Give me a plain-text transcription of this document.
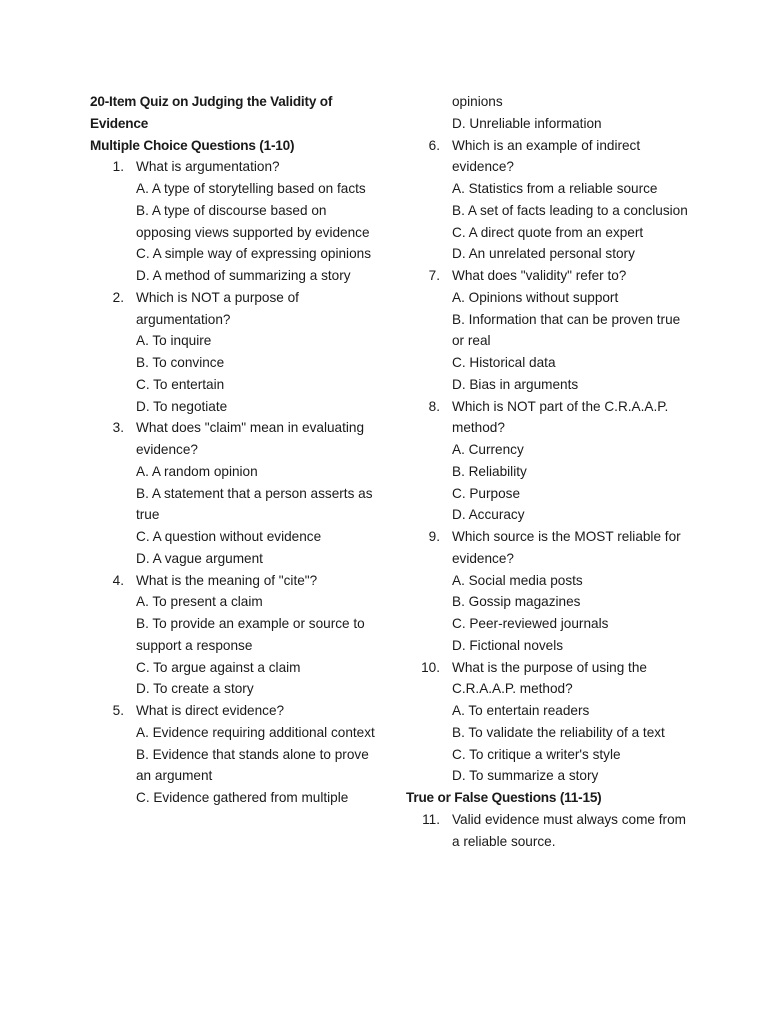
20-Item Quiz on Judging the Validity of
Evidence
Multiple Choice Questions (1-10)
1. What is argumentation?
A. A type of storytelling based on facts
B. A type of discourse based on opposing views supported by evidence
C. A simple way of expressing opinions
D. A method of summarizing a story
2. Which is NOT a purpose of argumentation?
A. To inquire
B. To convince
C. To entertain
D. To negotiate
3. What does "claim" mean in evaluating evidence?
A. A random opinion
B. A statement that a person asserts as true
C. A question without evidence
D. A vague argument
4. What is the meaning of "cite"?
A. To present a claim
B. To provide an example or source to support a response
C. To argue against a claim
D. To create a story
5. What is direct evidence?
A. Evidence requiring additional context
B. Evidence that stands alone to prove an argument
C. Evidence gathered from multiple
opinions
D. Unreliable information
6. Which is an example of indirect evidence?
A. Statistics from a reliable source
B. A set of facts leading to a conclusion
C. A direct quote from an expert
D. An unrelated personal story
7. What does "validity" refer to?
A. Opinions without support
B. Information that can be proven true or real
C. Historical data
D. Bias in arguments
8. Which is NOT part of the C.R.A.A.P. method?
A. Currency
B. Reliability
C. Purpose
D. Accuracy
9. Which source is the MOST reliable for evidence?
A. Social media posts
B. Gossip magazines
C. Peer-reviewed journals
D. Fictional novels
10. What is the purpose of using the C.R.A.A.P. method?
A. To entertain readers
B. To validate the reliability of a text
C. To critique a writer's style
D. To summarize a story
True or False Questions (11-15)
11. Valid evidence must always come from a reliable source.
